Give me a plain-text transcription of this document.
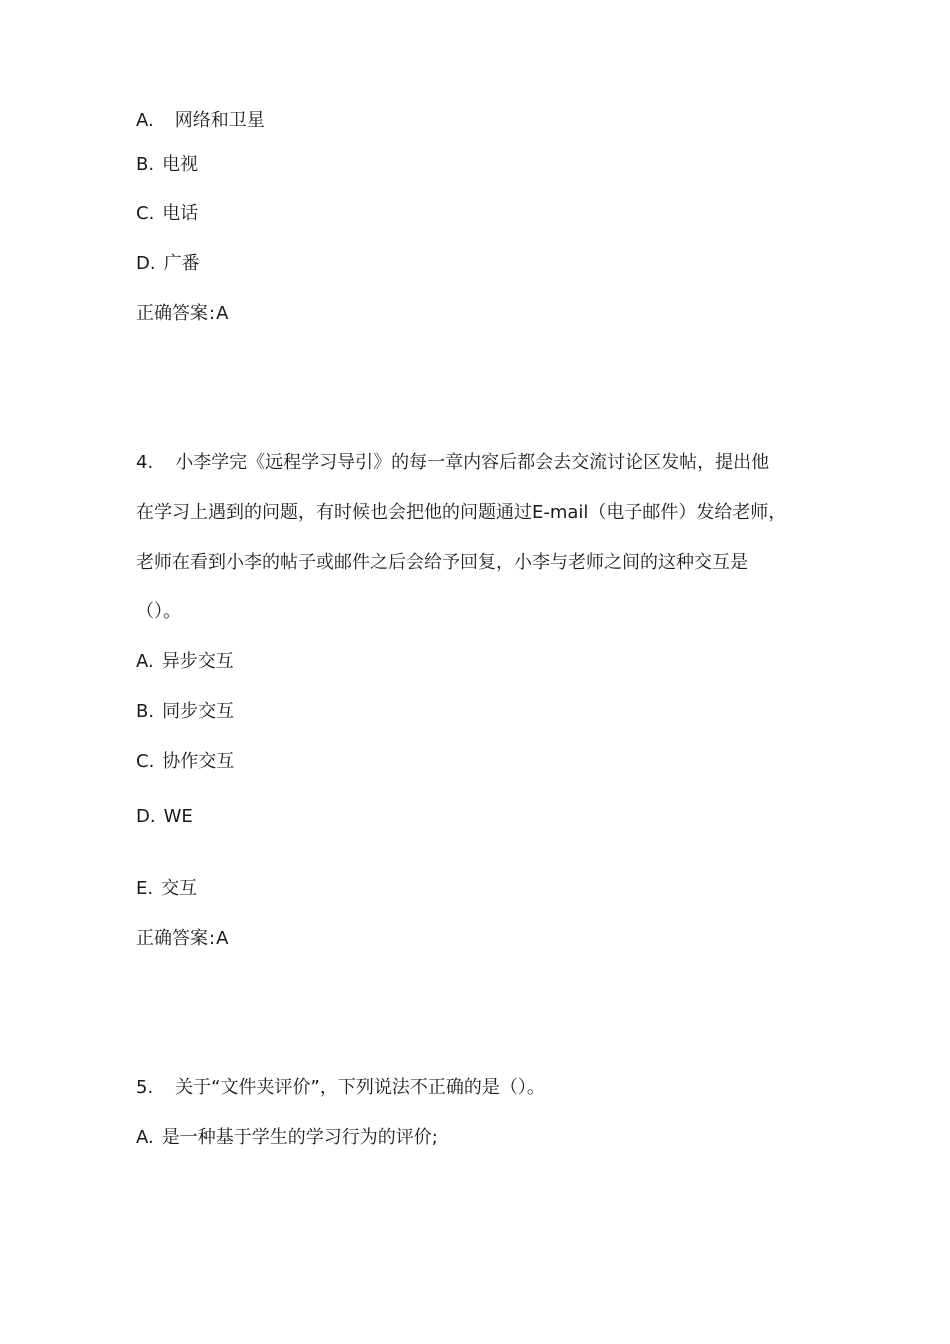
A. 网络和卫星
B. 电视
C. 电话
D. 广番
正确答案:A
4. 小李学完《远程学习导引》的每一章内容后都会去交流讨论区发帖，提出他
在学习上遇到的问题，有时候也会把他的问题通过E-mail（电子邮件）发给老师，
老师在看到小李的帖子或邮件之后会给予回复，小李与老师之间的这种交互是
（）。
A. 异步交互
B. 同步交互
C. 协作交互
D. WE
E. 交互
正确答案:A
5. 关于“文件夹评价”，下列说法不正确的是（）。
A. 是一种基于学生的学习行为的评价;
